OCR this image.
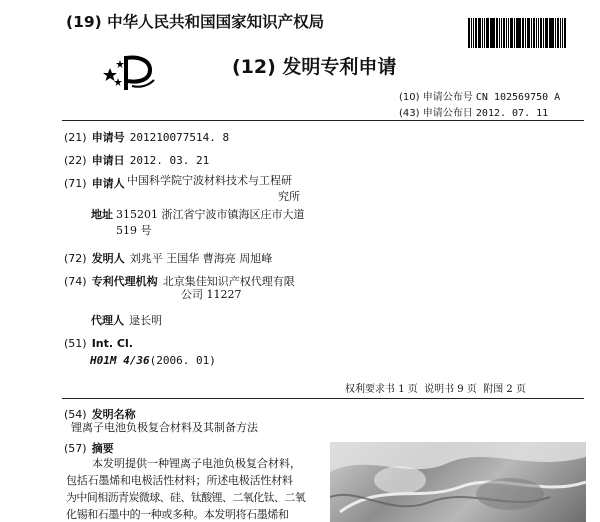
(19) 中华人民共和国国家知识产权局
(12) 发明专利申请
(10) 申请公布号 CN 102569750 A
(43) 申请公布日 2012. 07. 11
(21) 申请号 201210077514. 8
(22) 申请日 2012. 03. 21
(71) 申请人 中国科学院宁波材料技术与工程研
究所
地址 315201 浙江省宁波市镇海区庄市大道
519 号
(72) 发明人 刘兆平 王国华 曹海亮 周旭峰
(74) 专利代理机构 北京集佳知识产权代理有限
公司 11227
代理人 逯长明
(51) Int. Cl.
H01M 4/36(2006. 01)
权利要求书 1 页 说明书 9 页 附图 2 页
(54) 发明名称
锂离子电池负极复合材料及其制备方法
(57) 摘要
本发明提供一种锂离子电池负极复合材料，
包括石墨烯和电极活性材料；所述电极活性材料
为中间相沥青炭微球、硅、钛酸锂、二氧化钛、二氧
化锡和石墨中的一种或多种。本发明将石墨烯和
